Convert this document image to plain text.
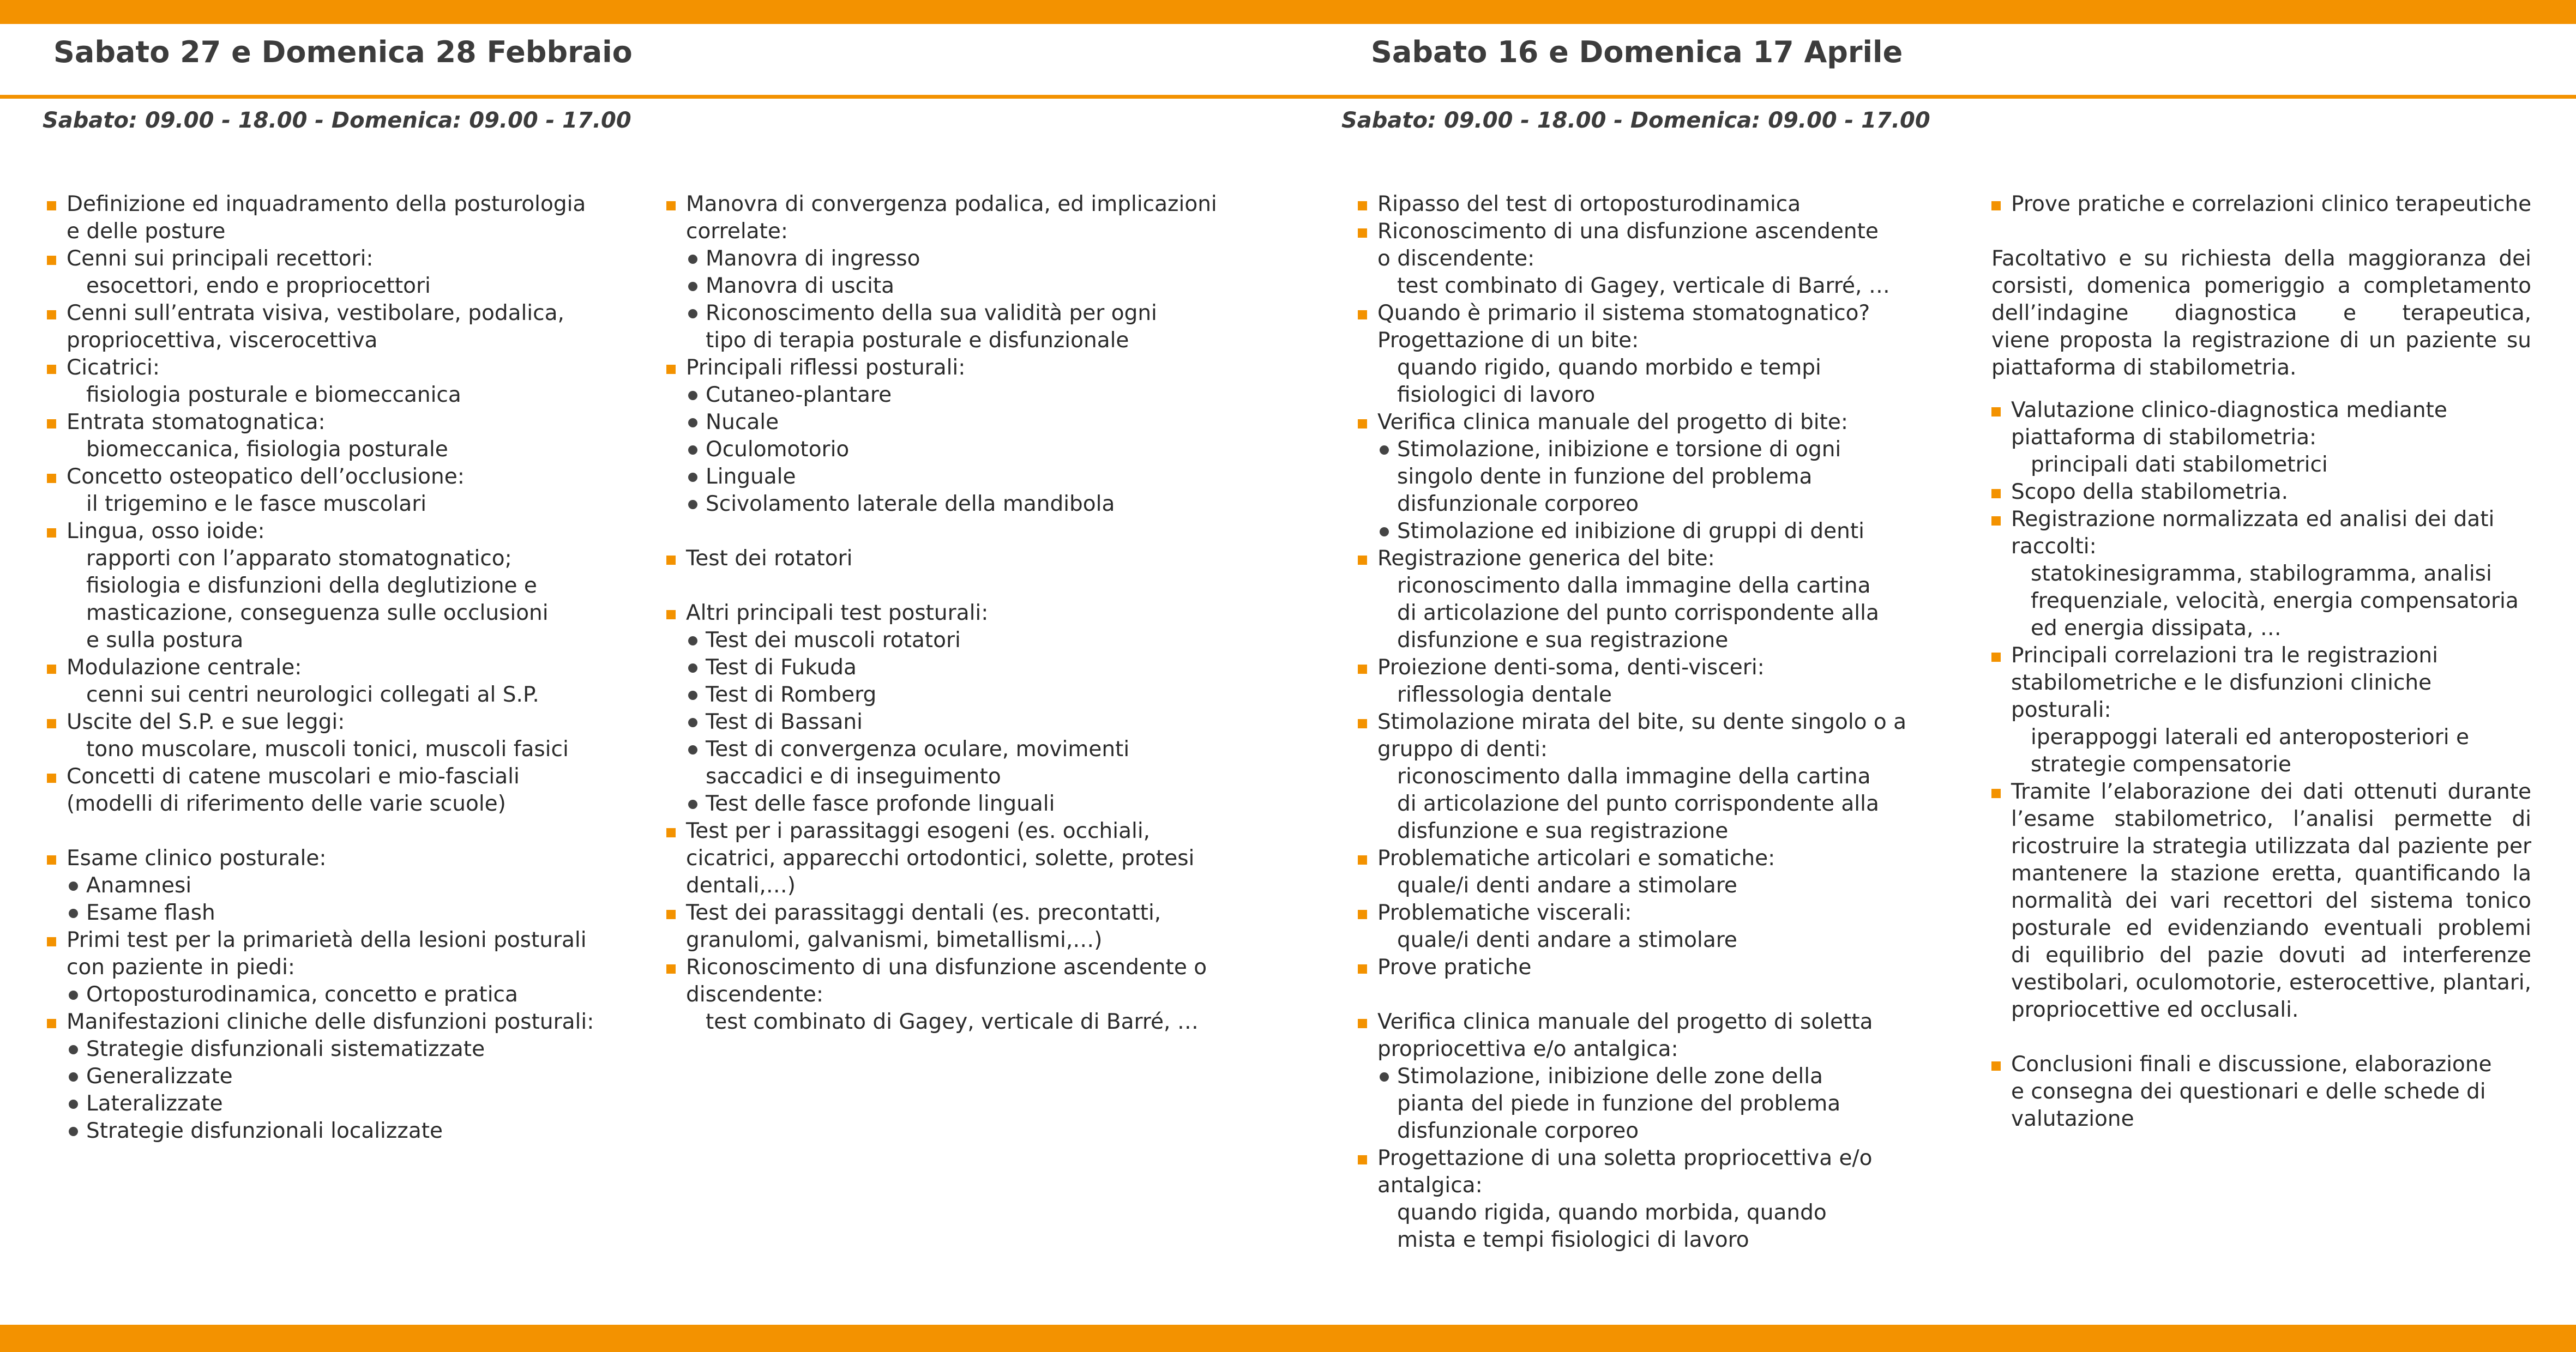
Sabato 27 e Domenica 28 Febbraio

Sabato: 09.00 - 18.00 - Domenica: 09.00 - 17.00

Sabato 16 e Domenica 17 Aprile

Sabato: 09.00 - 18.00 - Domenica: 09.00 - 17.00

Definizione ed inquadramento della posturologia
e delle posture
Cenni sui principali recettori:
esocettori, endo e propriocettori
Cenni sull’entrata visiva, vestibolare, podalica,
propriocettiva, viscerocettiva
Cicatrici:
fisiologia posturale e biomeccanica
Entrata stomatognatica:
biomeccanica, fisiologia posturale
Concetto osteopatico dell’occlusione:
il trigemino e le fasce muscolari
Lingua, osso ioide:
rapporti con l’apparato stomatognatico;
fisiologia e disfunzioni della deglutizione e
masticazione, conseguenza sulle occlusioni
e sulla postura
Modulazione centrale:
cenni sui centri neurologici collegati al S.P.
Uscite del S.P. e sue leggi:
tono muscolare, muscoli tonici, muscoli fasici
Concetti di catene muscolari e mio-fasciali
(modelli di riferimento delle varie scuole)
Esame clinico posturale:
Anamnesi
Esame flash
Primi test per la primarietà della lesioni posturali
con paziente in piedi:
Ortoposturodinamica, concetto e pratica
Manifestazioni cliniche delle disfunzioni posturali:
Strategie disfunzionali sistematizzate
Generalizzate
Lateralizzate
Strategie disfunzionali localizzate
Manovra di convergenza podalica, ed implicazioni
correlate:
Manovra di ingresso
Manovra di uscita
Riconoscimento della sua validità per ogni
tipo di terapia posturale e disfunzionale
Principali riflessi posturali:
Cutaneo-plantare
Nucale
Oculomotorio
Linguale
Scivolamento laterale della mandibola
Test dei rotatori
Altri principali test posturali:
Test dei muscoli rotatori
Test di Fukuda
Test di Romberg
Test di Bassani
Test di convergenza oculare, movimenti
saccadici e di inseguimento
Test delle fasce profonde linguali
Test per i parassitaggi esogeni (es. occhiali,
cicatrici, apparecchi ortodontici, solette, protesi
dentali,…)
Test dei parassitaggi dentali (es. precontatti,
granulomi, galvanismi, bimetallismi,…)
Riconoscimento di una disfunzione ascendente o
discendente:
test combinato di Gagey, verticale di Barré, …
Ripasso del test di ortoposturodinamica
Riconoscimento di una disfunzione ascendente
o discendente:
test combinato di Gagey, verticale di Barré, …
Quando è primario il sistema stomatognatico?
Progettazione di un bite:
quando rigido, quando morbido e tempi
fisiologici di lavoro
Verifica clinica manuale del progetto di bite:
Stimolazione, inibizione e torsione di ogni
singolo dente in funzione del problema
disfunzionale corporeo
Stimolazione ed inibizione di gruppi di denti
Registrazione generica del bite:
riconoscimento dalla immagine della cartina
di articolazione del punto corrispondente alla
disfunzione e sua registrazione
Proiezione denti-soma, denti-visceri:
riflessologia dentale
Stimolazione mirata del bite, su dente singolo o a
gruppo di denti:
riconoscimento dalla immagine della cartina
di articolazione del punto corrispondente alla
disfunzione e sua registrazione
Problematiche articolari e somatiche:
quale/i denti andare a stimolare
Problematiche viscerali:
quale/i denti andare a stimolare
Prove pratiche
Verifica clinica manuale del progetto di soletta
propriocettiva e/o antalgica:
Stimolazione, inibizione delle zone della
pianta del piede in funzione del problema
disfunzionale corporeo
Progettazione di una soletta propriocettiva e/o
antalgica:
quando rigida, quando morbida, quando
mista e tempi fisiologici di lavoro
Prove pratiche e correlazioni clinico terapeutiche

Facoltativo e su richiesta della maggioranza dei
corsisti, domenica pomeriggio a completamento
dell’indagine diagnostica e terapeutica,
viene proposta la registrazione di un paziente su
piattaforma di stabilometria.

Valutazione clinico-diagnostica mediante
piattaforma di stabilometria:
principali dati stabilometrici
Scopo della stabilometria.
Registrazione normalizzata ed analisi dei dati
raccolti:
statokinesigramma, stabilogramma, analisi
frequenziale, velocità, energia compensatoria
ed energia dissipata, …
Principali correlazioni tra le registrazioni
stabilometriche e le disfunzioni cliniche
posturali:
iperappoggi laterali ed anteroposteriori e
strategie compensatorie
Tramite l’elaborazione dei dati ottenuti durante
l’esame stabilometrico, l’analisi permette di
ricostruire la strategia utilizzata dal paziente per
mantenere la stazione eretta, quantificando la
normalità dei vari recettori del sistema tonico
posturale ed evidenziando eventuali problemi
di equilibrio del pazie dovuti ad interferenze
vestibolari, oculomotorie, esterocettive, plantari,
propriocettive ed occlusali.
Conclusioni finali e discussione, elaborazione
e consegna dei questionari e delle schede di
valutazione
